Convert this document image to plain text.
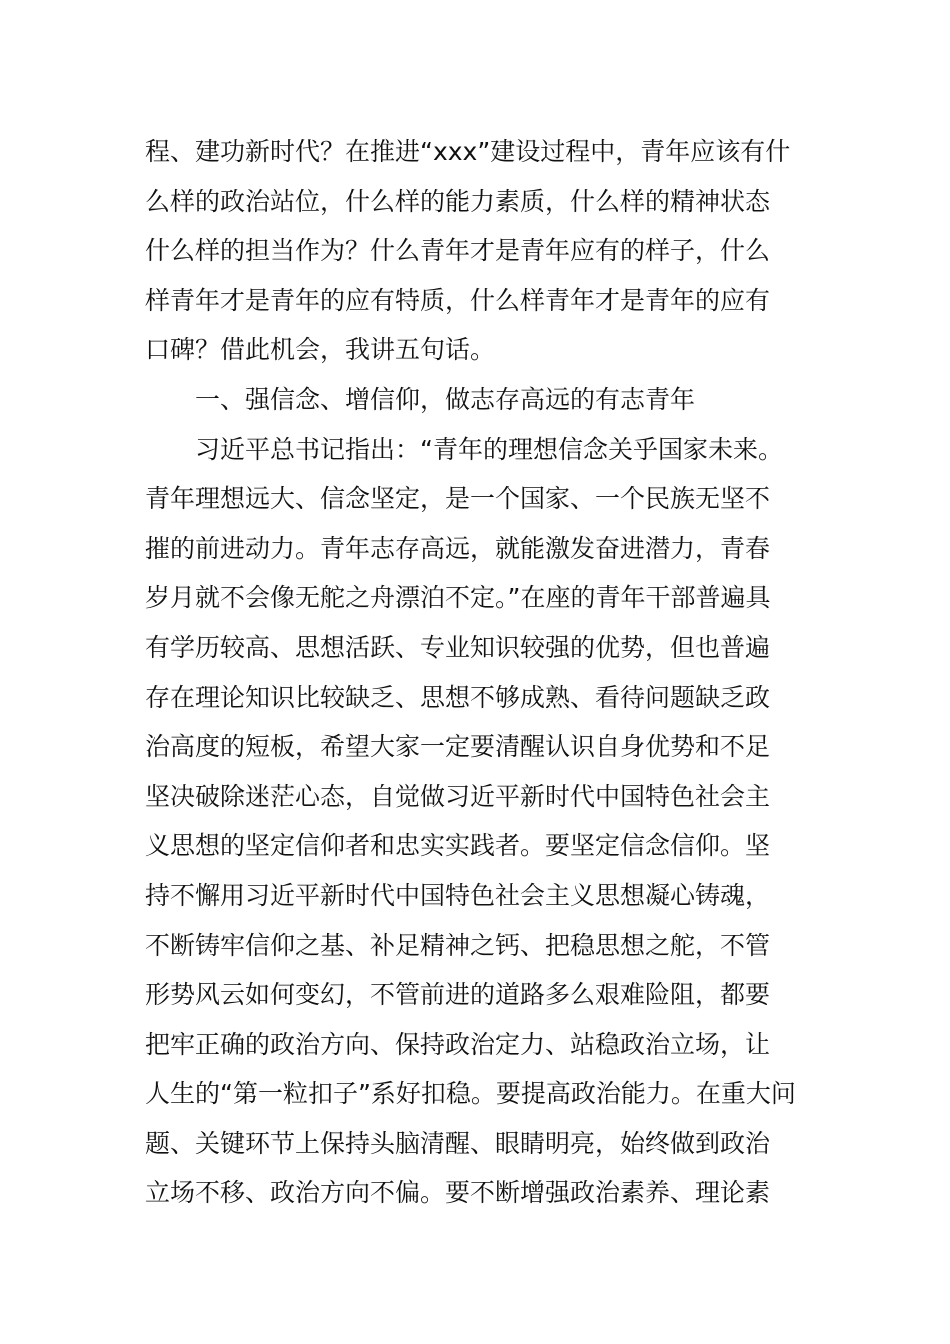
程、建功新时代？在推进“xxx”建设过程中，青年应该有什
么样的政治站位，什么样的能力素质，什么样的精神状态
什么样的担当作为？什么青年才是青年应有的样子，什么
样青年才是青年的应有特质，什么样青年才是青年的应有
口碑？借此机会，我讲五句话。
一、强信念、增信仰，做志存高远的有志青年
习近平总书记指出：“青年的理想信念关乎国家未来。
青年理想远大、信念坚定，是一个国家、一个民族无坚不
摧的前进动力。青年志存高远，就能激发奋进潜力，青春
岁月就不会像无舵之舟漂泊不定。”在座的青年干部普遍具
有学历较高、思想活跃、专业知识较强的优势，但也普遍
存在理论知识比较缺乏、思想不够成熟、看待问题缺乏政
治高度的短板，希望大家一定要清醒认识自身优势和不足
坚决破除迷茫心态，自觉做习近平新时代中国特色社会主
义思想的坚定信仰者和忠实实践者。要坚定信念信仰。坚
持不懈用习近平新时代中国特色社会主义思想凝心铸魂，
不断铸牢信仰之基、补足精神之钙、把稳思想之舵，不管
形势风云如何变幻，不管前进的道路多么艰难险阻，都要
把牢正确的政治方向、保持政治定力、站稳政治立场，让
人生的“第一粒扣子”系好扣稳。要提高政治能力。在重大问
题、关键环节上保持头脑清醒、眼睛明亮，始终做到政治
立场不移、政治方向不偏。要不断增强政治素养、理论素
